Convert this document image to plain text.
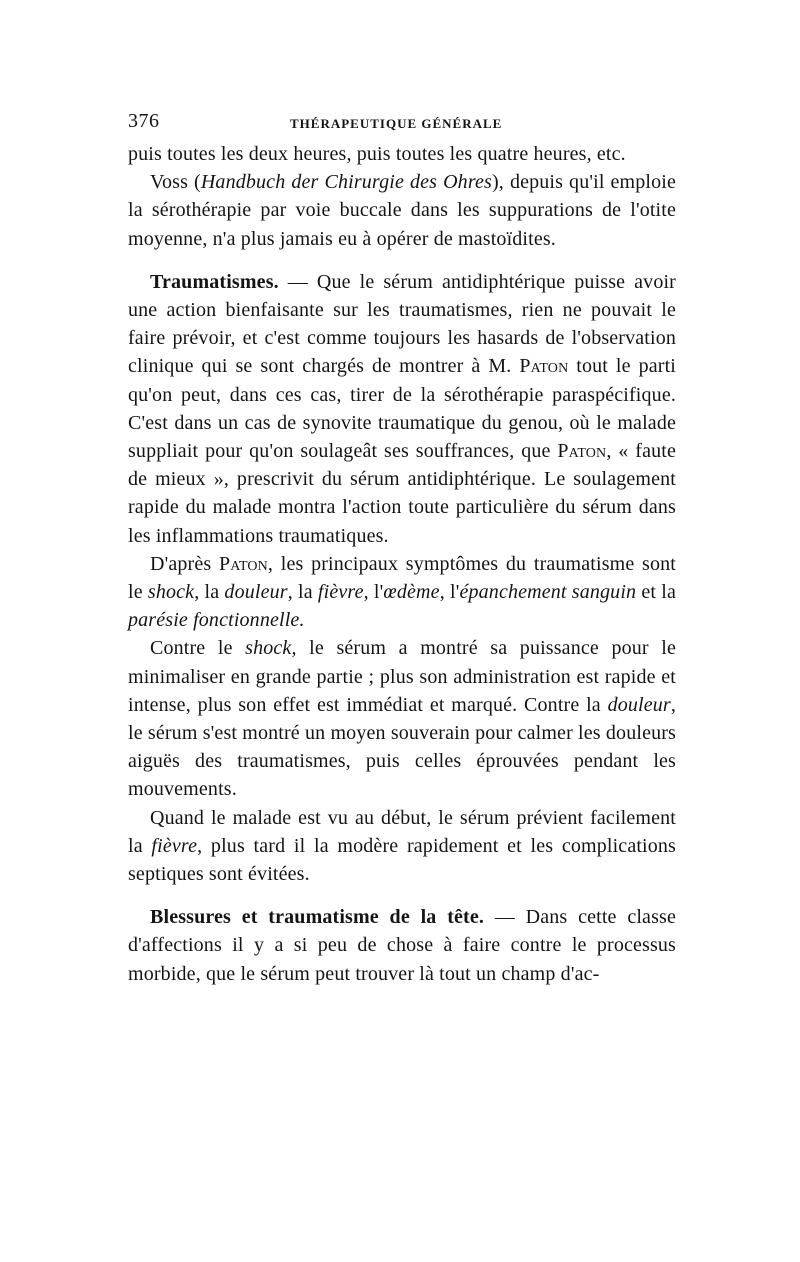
376	THÉRAPEUTIQUE GÉNÉRALE

puis toutes les deux heures, puis toutes les quatre heures, etc.

Voss (Handbuch der Chirurgie des Ohres), depuis qu'il emploie la sérothérapie par voie buccale dans les suppurations de l'otite moyenne, n'a plus jamais eu à opérer de mastoïdites.

Traumatismes. — Que le sérum antidiphtérique puisse avoir une action bienfaisante sur les traumatismes, rien ne pouvait le faire prévoir, et c'est comme toujours les hasards de l'observation clinique qui se sont chargés de montrer à M. Paton tout le parti qu'on peut, dans ces cas, tirer de la sérothérapie paraspécifique. C'est dans un cas de synovite traumatique du genou, où le malade suppliait pour qu'on soulageât ses souffrances, que Paton, « faute de mieux », prescrivit du sérum antidiphtérique. Le soulagement rapide du malade montra l'action toute particulière du sérum dans les inflammations traumatiques.

D'après Paton, les principaux symptômes du traumatisme sont le shock, la douleur, la fièvre, l'œdème, l'épanchement sanguin et la parésie fonctionnelle.

Contre le shock, le sérum a montré sa puissance pour le minimaliser en grande partie ; plus son administration est rapide et intense, plus son effet est immédiat et marqué. Contre la douleur, le sérum s'est montré un moyen souverain pour calmer les douleurs aiguës des traumatismes, puis celles éprouvées pendant les mouvements.

Quand le malade est vu au début, le sérum prévient facilement la fièvre, plus tard il la modère rapidement et les complications septiques sont évitées.

Blessures et traumatisme de la tête. — Dans cette classe d'affections il y a si peu de chose à faire contre le processus morbide, que le sérum peut trouver là tout un champ d'ac-
